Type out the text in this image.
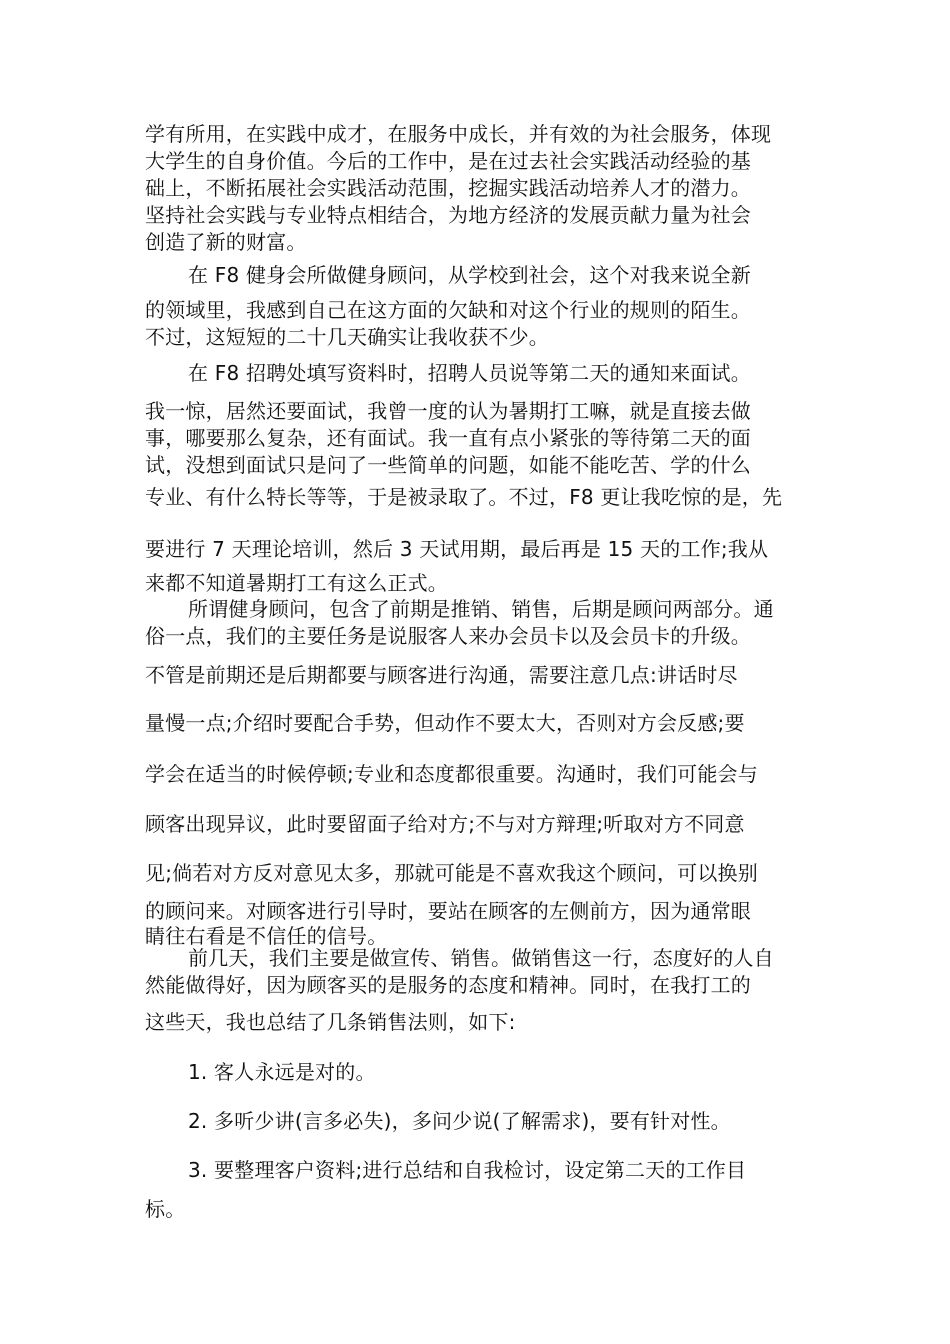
学有所用，在实践中成才，在服务中成长，并有效的为社会服务，体现

大学生的自身价值。今后的工作中，是在过去社会实践活动经验的基

础上，不断拓展社会实践活动范围，挖掘实践活动培养人才的潜力。

坚持社会实践与专业特点相结合，为地方经济的发展贡献力量为社会

创造了新的财富。

在 F8 健身会所做健身顾问，从学校到社会，这个对我来说全新

的领域里，我感到自己在这方面的欠缺和对这个行业的规则的陌生。

不过，这短短的二十几天确实让我收获不少。

在 F8 招聘处填写资料时，招聘人员说等第二天的通知来面试。

我一惊，居然还要面试，我曾一度的认为暑期打工嘛，就是直接去做

事，哪要那么复杂，还有面试。我一直有点小紧张的等待第二天的面

试，没想到面试只是问了一些简单的问题，如能不能吃苦、学的什么

专业、有什么特长等等，于是被录取了。不过，F8 更让我吃惊的是，先

要进行 7 天理论培训，然后 3 天试用期，最后再是 15 天的工作;我从

来都不知道暑期打工有这么正式。

所谓健身顾问，包含了前期是推销、销售，后期是顾问两部分。通

俗一点，我们的主要任务是说服客人来办会员卡以及会员卡的升级。

不管是前期还是后期都要与顾客进行沟通，需要注意几点:讲话时尽

量慢一点;介绍时要配合手势，但动作不要太大，否则对方会反感;要

学会在适当的时候停顿;专业和态度都很重要。沟通时，我们可能会与

顾客出现异议，此时要留面子给对方;不与对方辩理;听取对方不同意

见;倘若对方反对意见太多，那就可能是不喜欢我这个顾问，可以换别

的顾问来。对顾客进行引导时，要站在顾客的左侧前方，因为通常眼

睛往右看是不信任的信号。

前几天，我们主要是做宣传、销售。做销售这一行，态度好的人自

然能做得好，因为顾客买的是服务的态度和精神。同时，在我打工的

这些天，我也总结了几条销售法则，如下:

1. 客人永远是对的。

2. 多听少讲(言多必失)，多问少说(了解需求)，要有针对性。

3. 要整理客户资料;进行总结和自我检讨，设定第二天的工作目

标。
